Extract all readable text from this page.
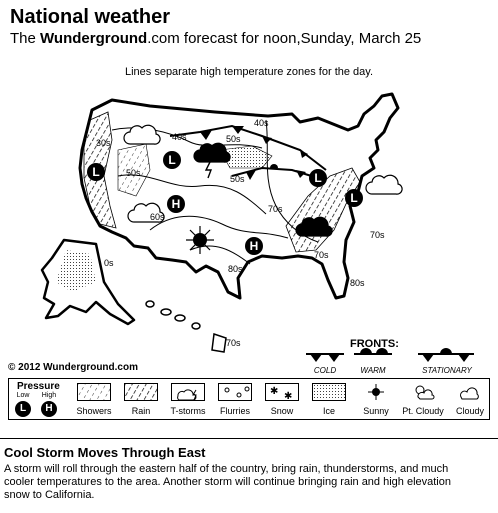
National weather
The Wunderground.com forecast for noon,Sunday, March 25
Lines separate high temperature zones for the day.
L
L
L
L
H
H
30s
40s	50s
50s
60s
50s
40s
70s
70s
80s
70s
80s
0s
70s	FRONTS:
COLD	WARM	STATIONARY
© 2012 Wunderground.com
Pressure
Low	High
L	H	Showers	Rain	T-storms	Flurries
✱ ✱
Snow	Ice	Sunny	Pt. Cloudy	Cloudy
Cool Storm Moves Through East
A storm will roll through the eastern half of the country, bring rain, thunderstorms, and much
cooler temperatures to the area. Another storm will continue bringing rain and high elevation
snow to California.
